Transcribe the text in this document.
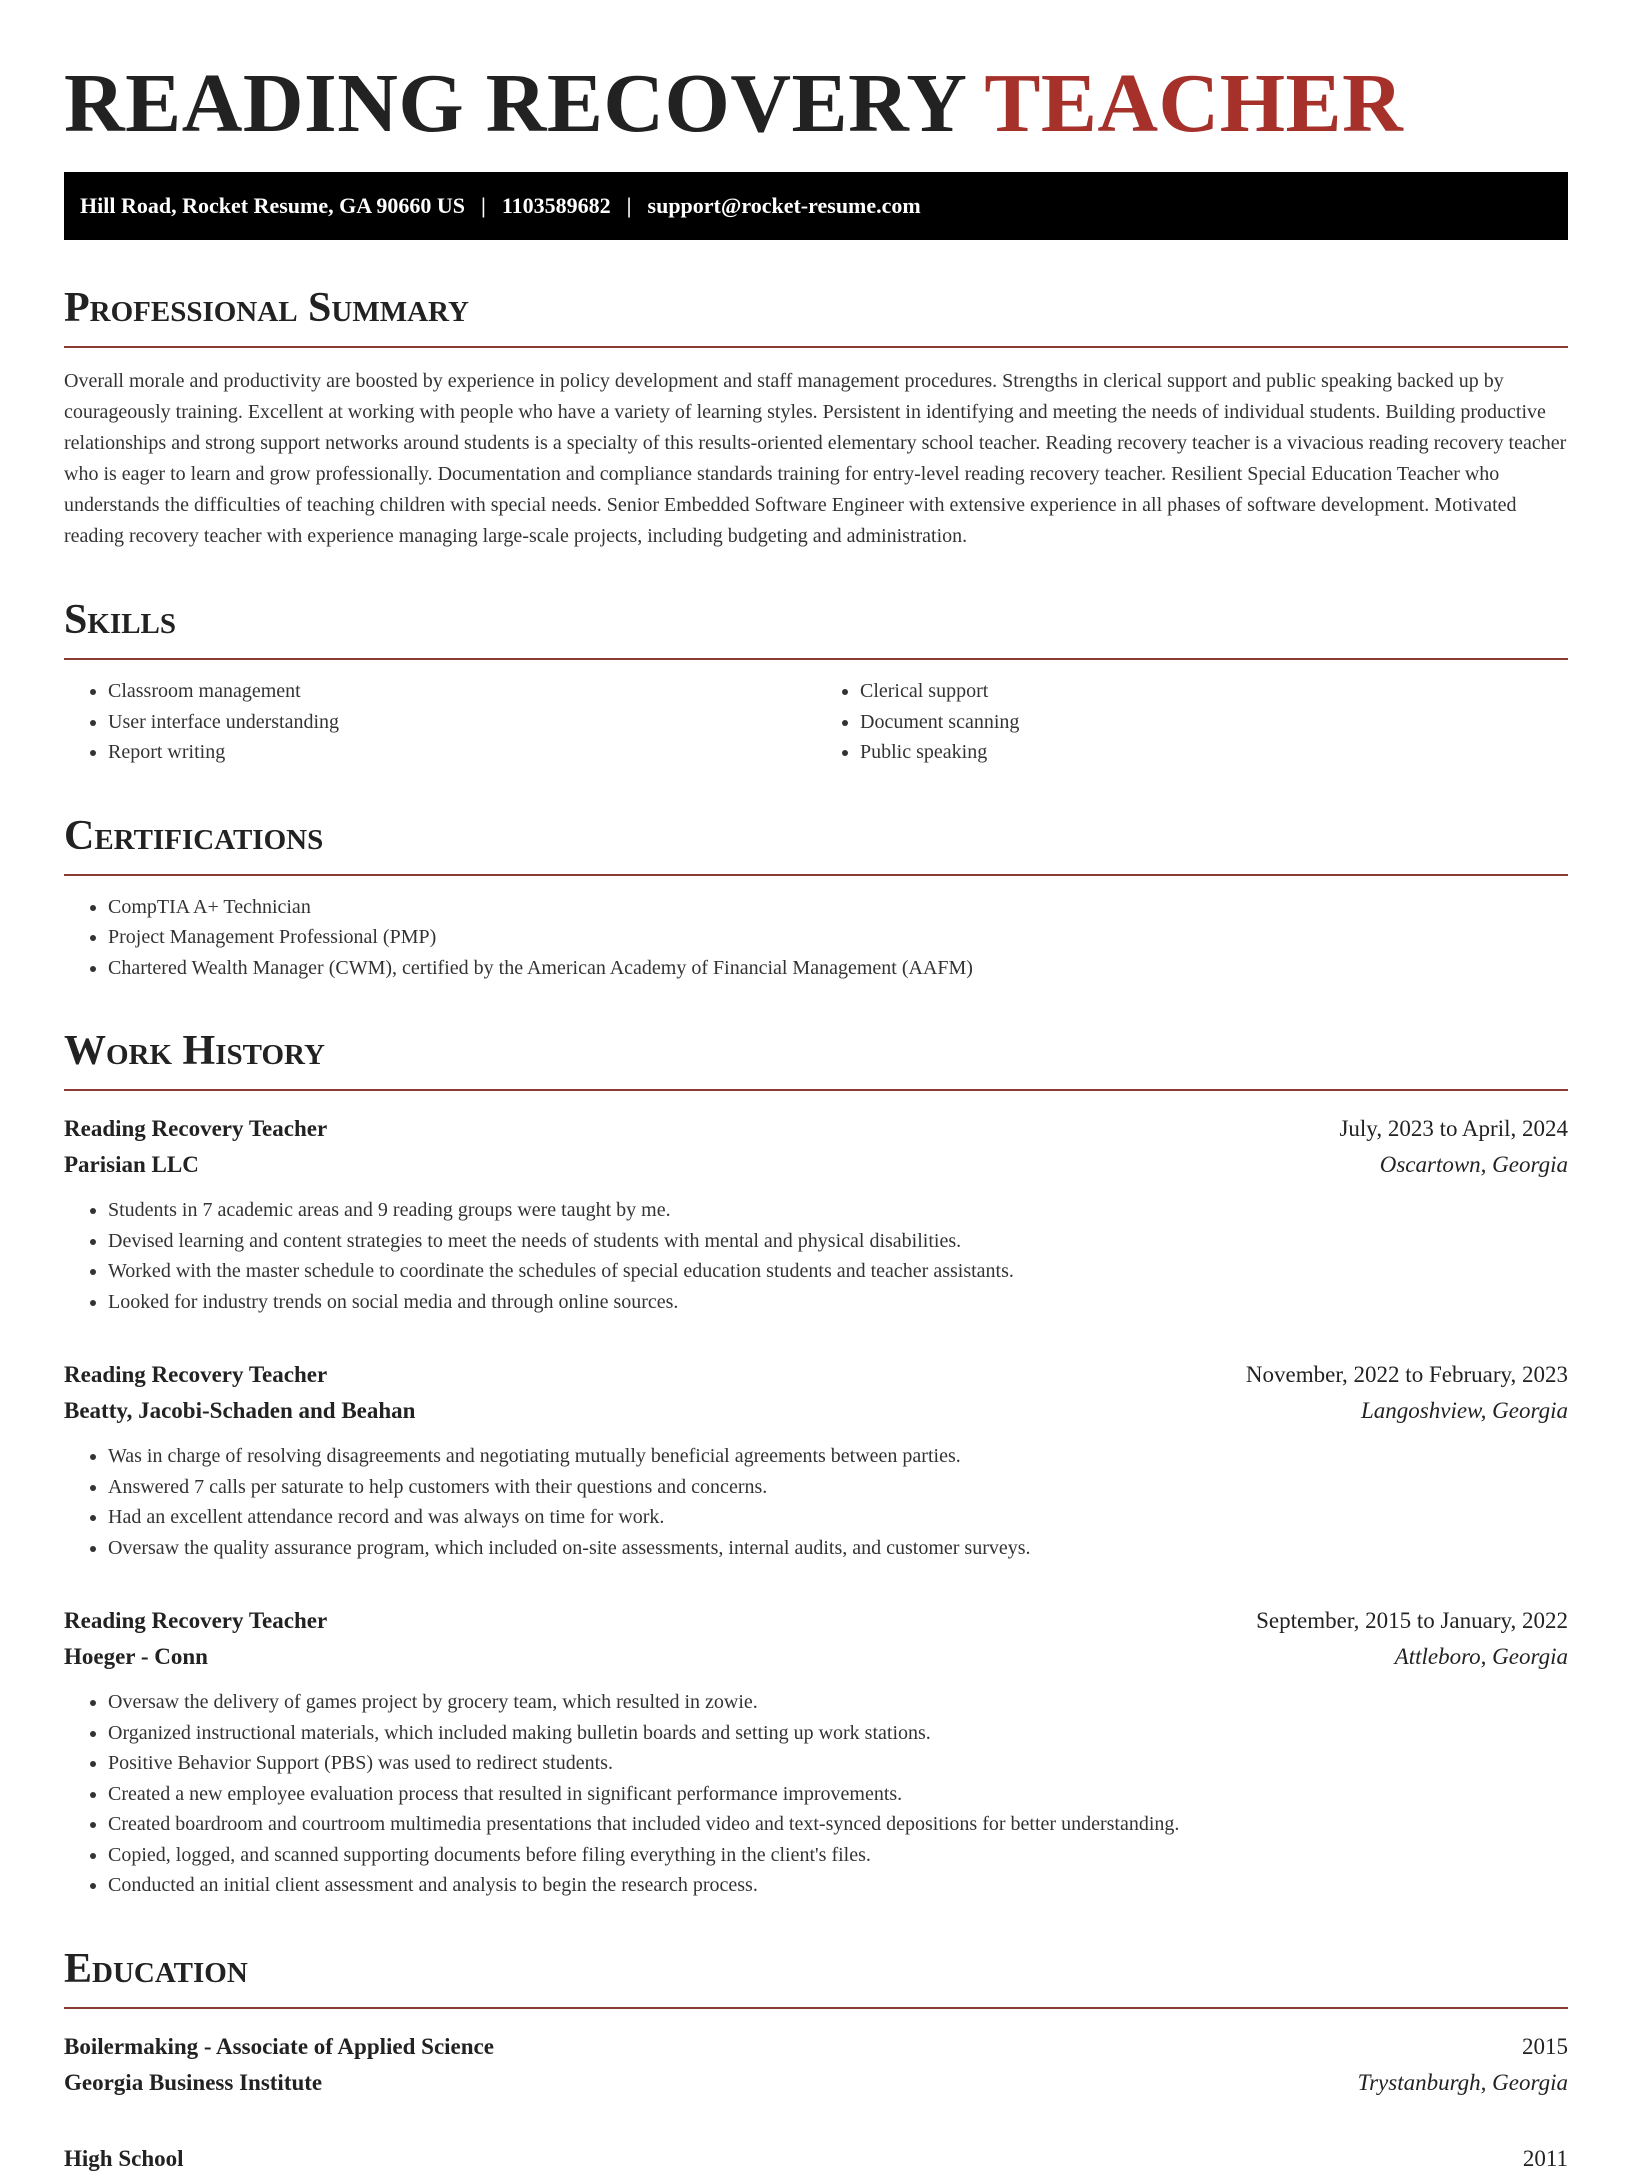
READING RECOVERY TEACHER
Hill Road, Rocket Resume, GA 90660 US | 1103589682 | support@rocket-resume.com
Professional Summary

Overall morale and productivity are boosted by experience in policy development and staff management procedures. Strengths in clerical support and public speaking backed up by courageously training. Excellent at working with people who have a variety of learning styles. Persistent in identifying and meeting the needs of individual students. Building productive relationships and strong support networks around students is a specialty of this results-oriented elementary school teacher. Reading recovery teacher is a vivacious reading recovery teacher who is eager to learn and grow professionally. Documentation and compliance standards training for entry-level reading recovery teacher. Resilient Special Education Teacher who understands the difficulties of teaching children with special needs. Senior Embedded Software Engineer with extensive experience in all phases of software development. Motivated reading recovery teacher with experience managing large-scale projects, including budgeting and administration.

Skills
• Classroom management
• User interface understanding
• Report writing
• Clerical support
• Document scanning
• Public speaking
Certifications
• CompTIA A+ Technician
• Project Management Professional (PMP)
• Chartered Wealth Manager (CWM), certified by the American Academy of Financial Management (AAFM)
Work History
Reading Recovery Teacher	July, 2023 to April, 2024
Parisian LLC	Oscartown, Georgia
• Students in 7 academic areas and 9 reading groups were taught by me.
• Devised learning and content strategies to meet the needs of students with mental and physical disabilities.
• Worked with the master schedule to coordinate the schedules of special education students and teacher assistants.
• Looked for industry trends on social media and through online sources.
Reading Recovery Teacher	November, 2022 to February, 2023
Beatty, Jacobi-Schaden and Beahan	Langoshview, Georgia
• Was in charge of resolving disagreements and negotiating mutually beneficial agreements between parties.
• Answered 7 calls per saturate to help customers with their questions and concerns.
• Had an excellent attendance record and was always on time for work.
• Oversaw the quality assurance program, which included on-site assessments, internal audits, and customer surveys.
Reading Recovery Teacher	September, 2015 to January, 2022
Hoeger - Conn	Attleboro, Georgia
• Oversaw the delivery of games project by grocery team, which resulted in zowie.
• Organized instructional materials, which included making bulletin boards and setting up work stations.
• Positive Behavior Support (PBS) was used to redirect students.
• Created a new employee evaluation process that resulted in significant performance improvements.
• Created boardroom and courtroom multimedia presentations that included video and text-synced depositions for better understanding.
• Copied, logged, and scanned supporting documents before filing everything in the client's files.
• Conducted an initial client assessment and analysis to begin the research process.
Education
Boilermaking - Associate of Applied Science	2015
Georgia Business Institute	Trystanburgh, Georgia
High School	2011
